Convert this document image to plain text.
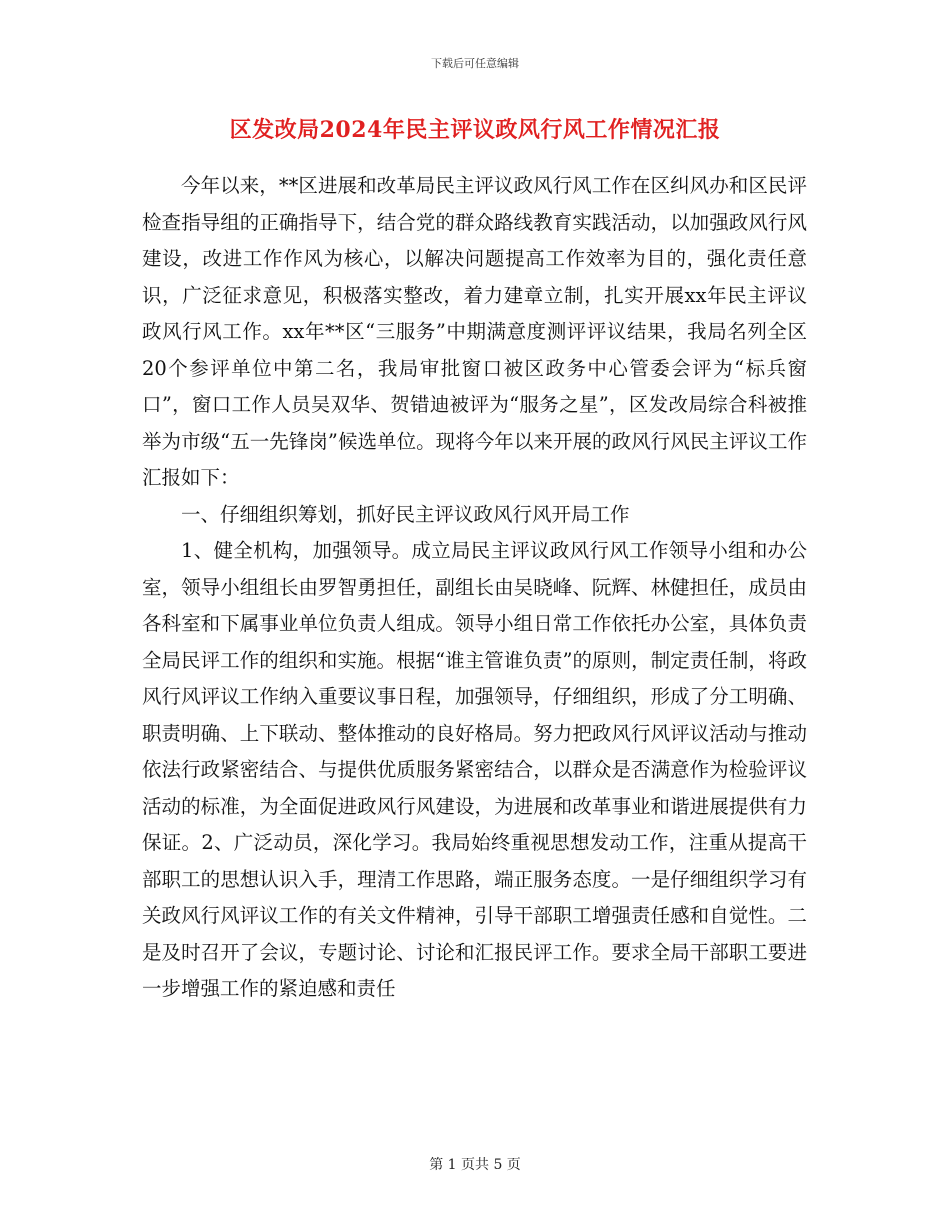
下载后可任意编辑
区发改局2024年民主评议政风行风工作情况汇报

今年以来，**区进展和改革局民主评议政风行风工作在区纠风办和区民评检查指导组的正确指导下，结合党的群众路线教育实践活动，以加强政风行风建设，改进工作作风为核心，以解决问题提高工作效率为目的，强化责任意识，广泛征求意见，积极落实整改，着力建章立制，扎实开展xx年民主评议政风行风工作。xx年**区“三服务”中期满意度测评评议结果，我局名列全区20个参评单位中第二名，我局审批窗口被区政务中心管委会评为“标兵窗口”，窗口工作人员吴双华、贺错迪被评为“服务之星”，区发改局综合科被推举为市级“五一先锋岗”候选单位。现将今年以来开展的政风行风民主评议工作汇报如下：

一、仔细组织筹划，抓好民主评议政风行风开局工作

1、健全机构，加强领导。成立局民主评议政风行风工作领导小组和办公室，领导小组组长由罗智勇担任，副组长由吴晓峰、阮辉、林健担任，成员由各科室和下属事业单位负责人组成。领导小组日常工作依托办公室，具体负责全局民评工作的组织和实施。根据“谁主管谁负责”的原则，制定责任制，将政风行风评议工作纳入重要议事日程，加强领导，仔细组织，形成了分工明确、职责明确、上下联动、整体推动的良好格局。努力把政风行风评议活动与推动依法行政紧密结合、与提供优质服务紧密结合，以群众是否满意作为检验评议活动的标准，为全面促进政风行风建设，为进展和改革事业和谐进展提供有力保证。2、广泛动员，深化学习。我局始终重视思想发动工作，注重从提高干部职工的思想认识入手，理清工作思路，端正服务态度。一是仔细组织学习有关政风行风评议工作的有关文件精神，引导干部职工增强责任感和自觉性。二是及时召开了会议，专题讨论、讨论和汇报民评工作。要求全局干部职工要进一步增强工作的紧迫感和责任

第 1 页共 5 页
